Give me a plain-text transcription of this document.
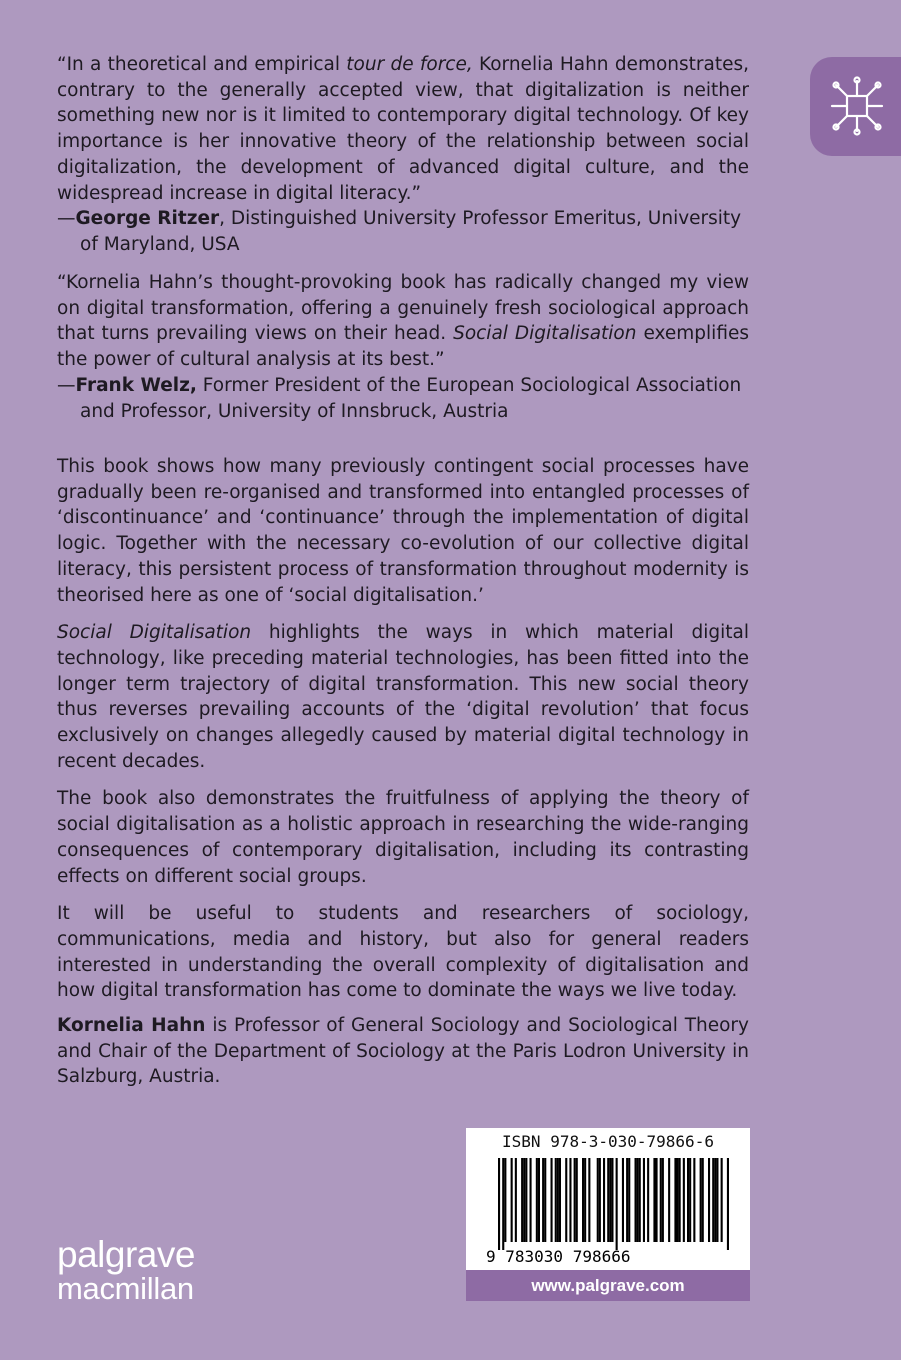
“In a theoretical and empirical tour de force, Kornelia Hahn demonstrates, contrary to the generally accepted view, that digitalization is neither something new nor is it limited to contemporary digital technology. Of key importance is her innovative theory of the relationship between social digitalization, the development of advanced digital culture, and the widespread increase in digital literacy.”

—George Ritzer, Distinguished University Professor Emeritus, University of Maryland, USA

“Kornelia Hahn’s thought-provoking book has radically changed my view on digital transformation, offering a genuinely fresh sociological approach that turns prevailing views on their head. Social Digitalisation exemplifies the power of cultural analysis at its best.”

—Frank Welz, Former President of the European Sociological Association and Professor, University of Innsbruck, Austria

This book shows how many previously contingent social processes have gradually been re-organised and transformed into entangled processes of ‘discontinuance’ and ‘continuance’ through the implementation of digital logic. Together with the necessary co-evolution of our collective digital literacy, this persistent process of transformation throughout modernity is theorised here as one of ‘social digitalisation.’

Social Digitalisation highlights the ways in which material digital technology, like preceding material technologies, has been fitted into the longer term trajectory of digital transformation. This new social theory thus reverses prevailing accounts of the ‘digital revolution’ that focus exclusively on changes allegedly caused by material digital technology in recent decades.

The book also demonstrates the fruitfulness of applying the theory of social digitalisation as a holistic approach in researching the wide-ranging consequences of contemporary digitalisation, including its contrasting effects on different social groups.

It will be useful to students and researchers of sociology, communications, media and history, but also for general readers interested in understanding the overall complexity of digitalisation and how digital transformation has come to dominate the ways we live today.

Kornelia Hahn is Professor of General Sociology and Sociological Theory and Chair of the Department of Sociology at the Paris Lodron University in Salzburg, Austria.

palgrave
macmillan
ISBN 978-3-030-79866-6
9 783030 798666
www.palgrave.com
